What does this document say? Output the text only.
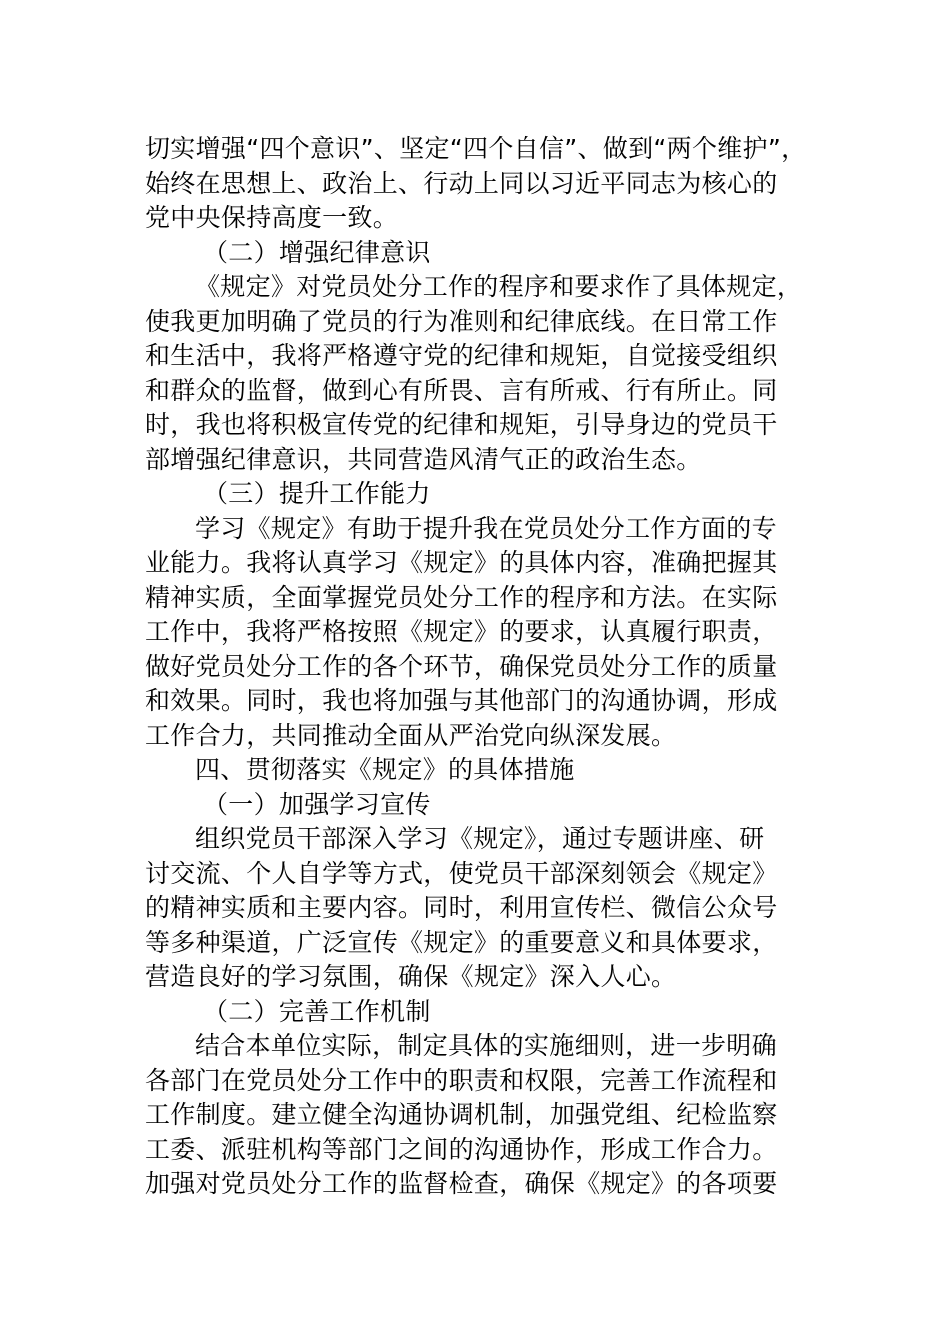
切实增强“四个意识”、坚定“四个自信”、做到“两个维护”，
始终在思想上、政治上、行动上同以习近平同志为核心的
党中央保持高度一致。
（二）增强纪律意识
《规定》对党员处分工作的程序和要求作了具体规定，
使我更加明确了党员的行为准则和纪律底线。在日常工作
和生活中，我将严格遵守党的纪律和规矩，自觉接受组织
和群众的监督，做到心有所畏、言有所戒、行有所止。同
时，我也将积极宣传党的纪律和规矩，引导身边的党员干
部增强纪律意识，共同营造风清气正的政治生态。
（三）提升工作能力
学习《规定》有助于提升我在党员处分工作方面的专
业能力。我将认真学习《规定》的具体内容，准确把握其
精神实质，全面掌握党员处分工作的程序和方法。在实际
工作中，我将严格按照《规定》的要求，认真履行职责，
做好党员处分工作的各个环节，确保党员处分工作的质量
和效果。同时，我也将加强与其他部门的沟通协调，形成
工作合力，共同推动全面从严治党向纵深发展。
四、贯彻落实《规定》的具体措施
（一）加强学习宣传
组织党员干部深入学习《规定》，通过专题讲座、研
讨交流、个人自学等方式，使党员干部深刻领会《规定》
的精神实质和主要内容。同时，利用宣传栏、微信公众号
等多种渠道，广泛宣传《规定》的重要意义和具体要求，
营造良好的学习氛围，确保《规定》深入人心。
（二）完善工作机制
结合本单位实际，制定具体的实施细则，进一步明确
各部门在党员处分工作中的职责和权限，完善工作流程和
工作制度。建立健全沟通协调机制，加强党组、纪检监察
工委、派驻机构等部门之间的沟通协作，形成工作合力。
加强对党员处分工作的监督检查，确保《规定》的各项要
